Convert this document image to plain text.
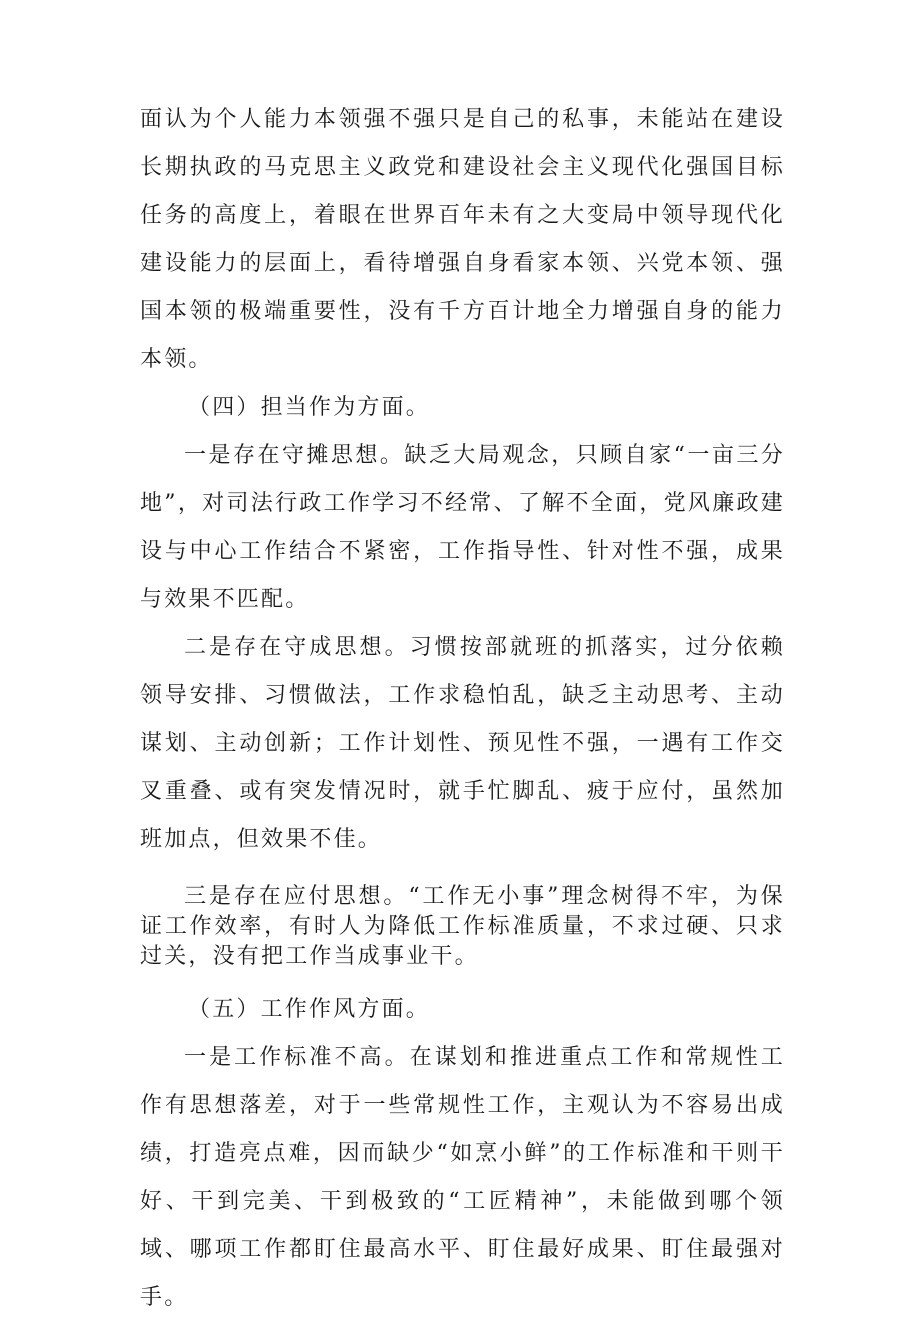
面认为个人能力本领强不强只是自己的私事，未能站在建设长期执政的马克思主义政党和建设社会主义现代化强国目标任务的高度上，着眼在世界百年未有之大变局中领导现代化建设能力的层面上，看待增强自身看家本领、兴党本领、强国本领的极端重要性，没有千方百计地全力增强自身的能力本领。

（四）担当作为方面。

一是存在守摊思想。缺乏大局观念，只顾自家“一亩三分地”，对司法行政工作学习不经常、了解不全面，党风廉政建设与中心工作结合不紧密，工作指导性、针对性不强，成果与效果不匹配。

二是存在守成思想。习惯按部就班的抓落实，过分依赖领导安排、习惯做法，工作求稳怕乱，缺乏主动思考、主动谋划、主动创新；工作计划性、预见性不强，一遇有工作交叉重叠、或有突发情况时，就手忙脚乱、疲于应付，虽然加班加点，但效果不佳。

三是存在应付思想。“工作无小事”理念树得不牢，为保证工作效率，有时人为降低工作标准质量，不求过硬、只求过关，没有把工作当成事业干。

（五）工作作风方面。

一是工作标准不高。在谋划和推进重点工作和常规性工作有思想落差，对于一些常规性工作，主观认为不容易出成绩，打造亮点难，因而缺少“如烹小鲜”的工作标准和干则干好、干到完美、干到极致的“工匠精神”，未能做到哪个领域、哪项工作都盯住最高水平、盯住最好成果、盯住最强对手。
